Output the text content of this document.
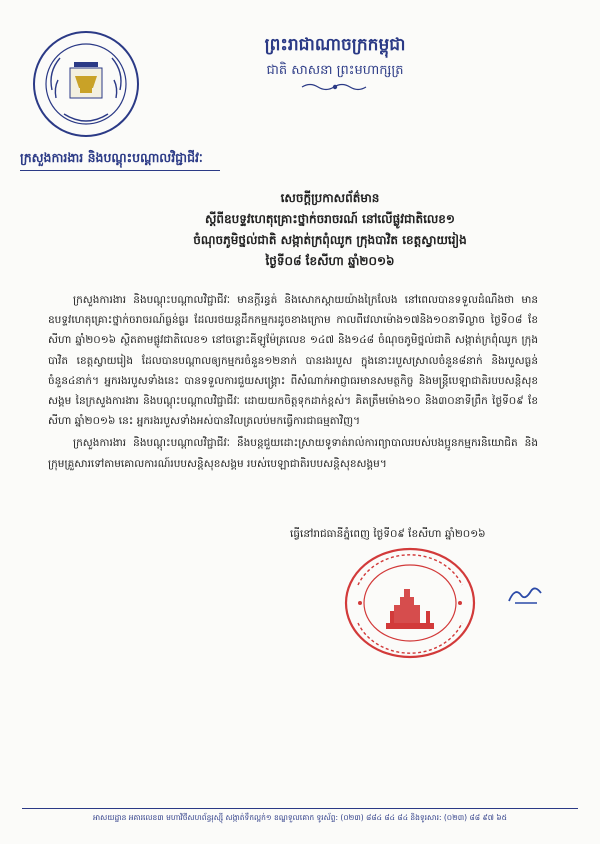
ព្រះរាជាណាចក្រកម្ពុជា
ជាតិ សាសនា ព្រះមហាក្សត្រ
ក្រសួងការងារ និងបណ្តុះបណ្តាលវិជ្ជាជីវៈ
សេចក្តីប្រកាសព័ត៌មាន
ស្តីពីឧបទ្ទវហេតុគ្រោះថ្នាក់ចរាចរណ៍ នៅលើផ្លូវជាតិលេខ១
ចំណុចភូមិថ្នល់ជាតិ សង្កាត់ក្រពុំឈូក ក្រុងបាវិត ខេត្តស្វាយរៀង
ថ្ងៃទី០៨ ខែសីហា ឆ្នាំ២០១៦

ក្រសួងការងារ និងបណ្តុះបណ្តាលវិជ្ជាជីវៈ មានក្តីរន្ធត់ និងសោកស្តាយយ៉ាងក្រៃលែង នៅពេលបានទទួលដំណឹងថា មានឧបទ្ទវហេតុគ្រោះថ្នាក់ចរាចរណ៍ធ្ងន់ធ្ងរ ដែលរថយន្តដឹកកម្មករដូចខាងក្រោម កាលពីវេលាម៉ោង១៧និង១០នាទីល្ងាច ថ្ងៃទី០៨ ខែសីហា ឆ្នាំ២០១៦ ស្ថិតតាមផ្លូវជាតិលេខ១ នៅចន្លោះគីឡូម៉ែត្រលេខ ១៤៧ និង១៤៨ ចំណុចភូមិថ្នល់ជាតិ សង្កាត់ក្រពុំឈូក ក្រុងបាវិត ខេត្តស្វាយរៀង ដែលបានបណ្តាលឲ្យកម្មករចំនួន១២នាក់ បានរងរបួស ក្នុងនោះរបួសស្រាលចំនួន៨នាក់ និងរបួសធ្ងន់ចំនួន៤នាក់។ អ្នករងរបួសទាំងនេះ បានទទួលការជួយសង្គ្រោះ ពីសំណាក់អាជ្ញាធរមានសមត្ថកិច្ច និងមន្ត្រីបេឡាជាតិរបបសន្តិសុខសង្គម នៃក្រសួងការងារ និងបណ្តុះបណ្តាលវិជ្ជាជីវៈ ដោយយកចិត្តទុកដាក់ខ្ពស់។ គិតត្រឹមម៉ោង១០ និង៣០នាទីព្រឹក ថ្ងៃទី០៩ ខែសីហា ឆ្នាំ២០១៦ នេះ អ្នករងរបួសទាំងអស់បានវិលត្រលប់មកធ្វើការជាធម្មតាវិញ។

ក្រសួងការងារ និងបណ្តុះបណ្តាលវិជ្ជាជីវៈ នឹងបន្តជួយដោះស្រាយទូទាត់រាល់ការព្យាបាលរបស់បងប្អូនកម្មករនិយោជិត និងក្រុមគ្រួសារទៅតាមគោលការណ៍របបសន្តិសុខសង្គម របស់បេឡាជាតិរបបសន្តិសុខសង្គម។

ធ្វើនៅរាជធានីភ្នំពេញ ថ្ងៃទី០៩ ខែសីហា ឆ្នាំ២០១៦
អាសយដ្ឋាន អគារលេខ៣ មហាវិថីសហព័ន្ធរុស្ស៊ី សង្កាត់ទឹកល្អក់១ ខណ្ឌទួលគោក ទូរស័ព្ទ: (០២៣) ៨៨៤ ៨៤ ៨៤ និងទូរសារ: (០២៣) ៨៨ ៩៧ ៦៥
